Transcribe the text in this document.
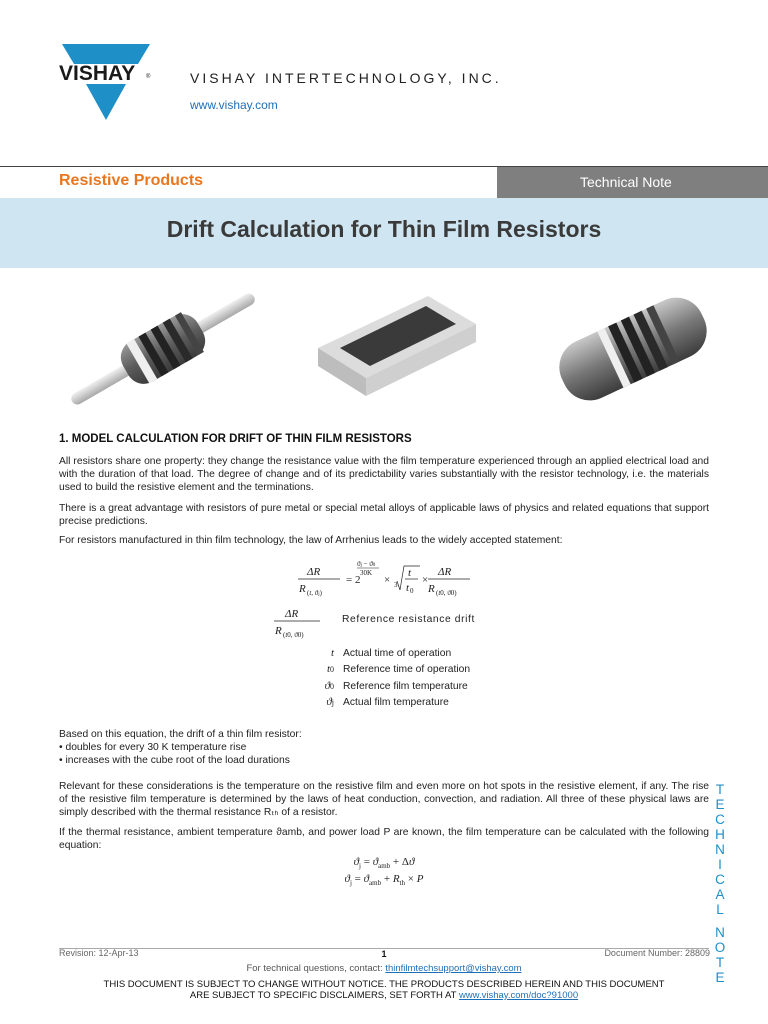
VISHAY ®	VISHAY INTERTECHNOLOGY, INC.
www.vishay.com
Resistive Products	Technical Note
Drift Calculation for Thin Film Resistors
1. MODEL CALCULATION FOR DRIFT OF THIN FILM RESISTORS
All resistors share one property: they change the resistance value with the film temperature experienced through an applied electrical load and with the duration of that load. The degree of change and of its predictability varies substantially with the resistor technology, i.e. the materials used to build the resistive element and the terminations.
There is a great advantage with resistors of pure metal or special metal alloys of applicable laws of physics and related equations that support precise predictions.
For resistors manufactured in thin film technology, the law of Arrhenius leads to the widely accepted statement:
ΔR
R (t, ϑj)
= 2
ϑj − ϑ0
30K
× 3
t
t 0
×
ΔR
R (t0, ϑ0)
ΔR
R (t0, ϑ0)
Reference resistance drift
t Actual time of operation
t0 Reference time of operation
ϑ0 Reference film temperature
ϑj Actual film temperature
Based on this equation, the drift of a thin film resistor:
• doubles for every 30 K temperature rise
• increases with the cube root of the load durations
Relevant for these considerations is the temperature on the resistive film and even more on hot spots in the resistive element, if any. The rise of the resistive film temperature is determined by the laws of heat conduction, convection, and radiation. All three of these physical laws are simply described with the thermal resistance Rₜₕ of a resistor.
If the thermal resistance, ambient temperature ϑamb, and power load P are known, the film temperature can be calculated with the following equation:
$ϑ_j = ϑ_{amb} + \Delta ϑ$
$ϑ_j = ϑ_{amb} + R_{th} \times P$
T
E
C
H
N
I
C
A
L
N
O
T
E
Revision: 12-Apr-13	1	Document Number: 28809
For technical questions, contact: thinfilmtechsupport@vishay.com
THIS DOCUMENT IS SUBJECT TO CHANGE WITHOUT NOTICE. THE PRODUCTS DESCRIBED HEREIN AND THIS DOCUMENT
ARE SUBJECT TO SPECIFIC DISCLAIMERS, SET FORTH AT www.vishay.com/doc?91000
